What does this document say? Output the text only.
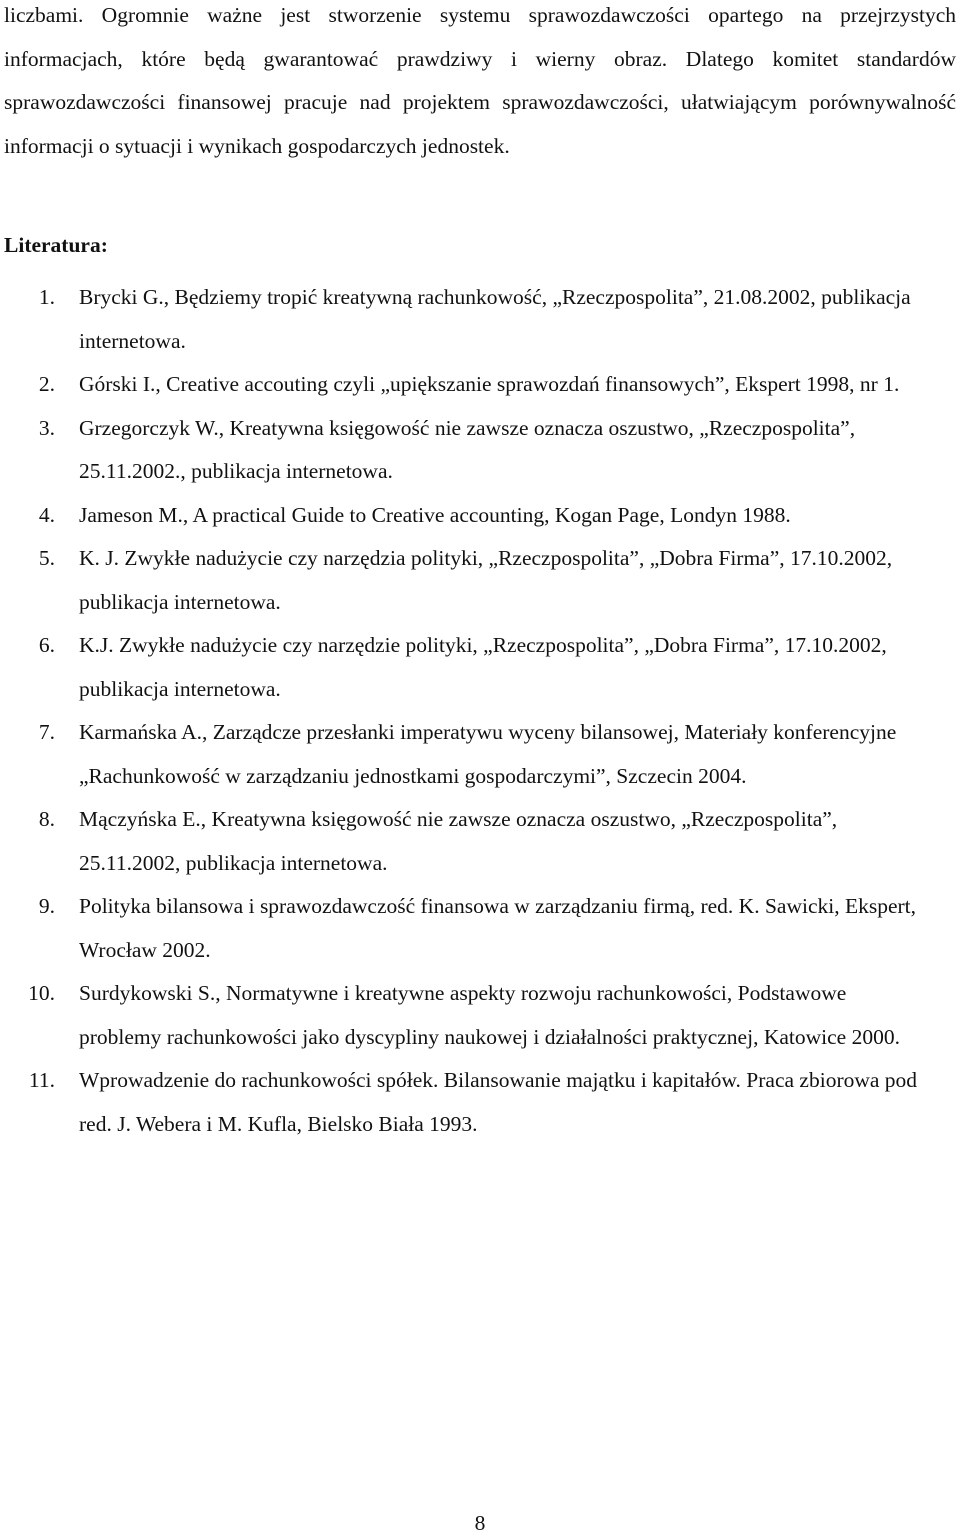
liczbami. Ogromnie ważne jest stworzenie systemu sprawozdawczości opartego na przejrzystych informacjach, które będą gwarantować prawdziwy i wierny obraz. Dlatego komitet standardów sprawozdawczości finansowej pracuje nad projektem sprawozdawczości, ułatwiającym porównywalność informacji o sytuacji i wynikach gospodarczych jednostek.

Literatura:

1. Brycki G., Będziemy tropić kreatywną rachunkowość, „Rzeczpospolita”, 21.08.2002, publikacja internetowa.
2. Górski I., Creative accouting czyli „upiększanie sprawozdań finansowych”, Ekspert 1998, nr 1.
3. Grzegorczyk W., Kreatywna księgowość nie zawsze oznacza oszustwo, „Rzeczpospolita”, 25.11.2002., publikacja internetowa.
4. Jameson M., A practical Guide to Creative accounting, Kogan Page, Londyn 1988.
5. K. J. Zwykłe nadużycie czy narzędzia polityki, „Rzeczpospolita”, „Dobra Firma”, 17.10.2002, publikacja internetowa.
6. K.J. Zwykłe nadużycie czy narzędzie polityki, „Rzeczpospolita”, „Dobra Firma”, 17.10.2002, publikacja internetowa.
7. Karmańska A., Zarządcze przesłanki imperatywu wyceny bilansowej, Materiały konferencyjne „Rachunkowość w zarządzaniu jednostkami gospodarczymi”, Szczecin 2004.
8. Mączyńska E., Kreatywna księgowość nie zawsze oznacza oszustwo, „Rzeczpospolita”, 25.11.2002, publikacja internetowa.
9. Polityka bilansowa i sprawozdawczość finansowa w zarządzaniu firmą, red. K. Sawicki, Ekspert, Wrocław 2002.
10. Surdykowski S., Normatywne i kreatywne aspekty rozwoju rachunkowości, Podstawowe problemy rachunkowości jako dyscypliny naukowej i działalności praktycznej, Katowice 2000.
11. Wprowadzenie do rachunkowości spółek. Bilansowanie majątku i kapitałów. Praca zbiorowa pod red. J. Webera i M. Kufla, Bielsko Biała 1993.
8
